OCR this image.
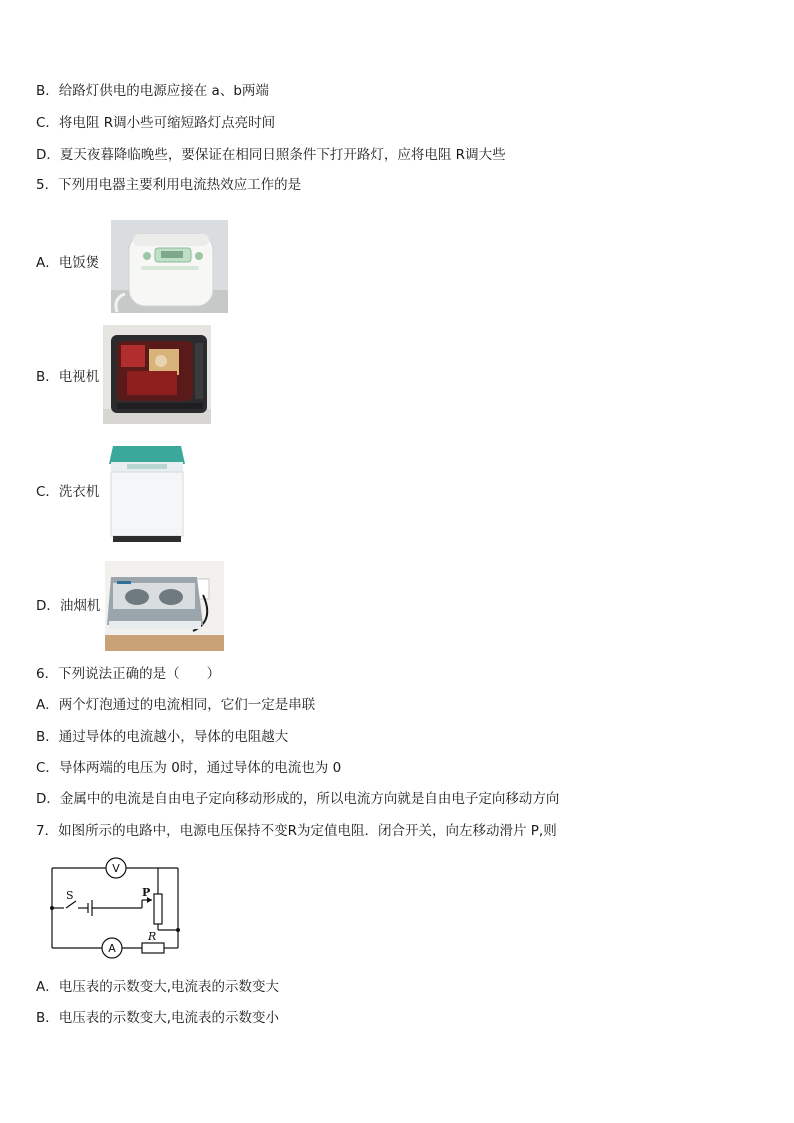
B．给路灯供电的电源应接在 a、b两端
C．将电阻 R调小些可缩短路灯点亮时间
D．夏天夜暮降临晚些，要保证在相同日照条件下打开路灯，应将电阻 R调大些
5．下列用电器主要利用电流热效应工作的是
A．电饭煲
B．电视机
C．洗衣机
D．油烟机
6．下列说法正确的是（　　）
A．两个灯泡通过的电流相同，它们一定是串联
B．通过导体的电流越小，导体的电阻越大
C．导体两端的电压为 0时，通过导体的电流也为 0
D．金属中的电流是自由电子定向移动形成的，所以电流方向就是自由电子定向移动方向
7．如图所示的电路中，电源电压保持不变R为定值电阻．闭合开关，向左移动滑片 P,则
V
A
S	P
R
A．电压表的示数变大,电流表的示数变大
B．电压表的示数变大,电流表的示数变小
